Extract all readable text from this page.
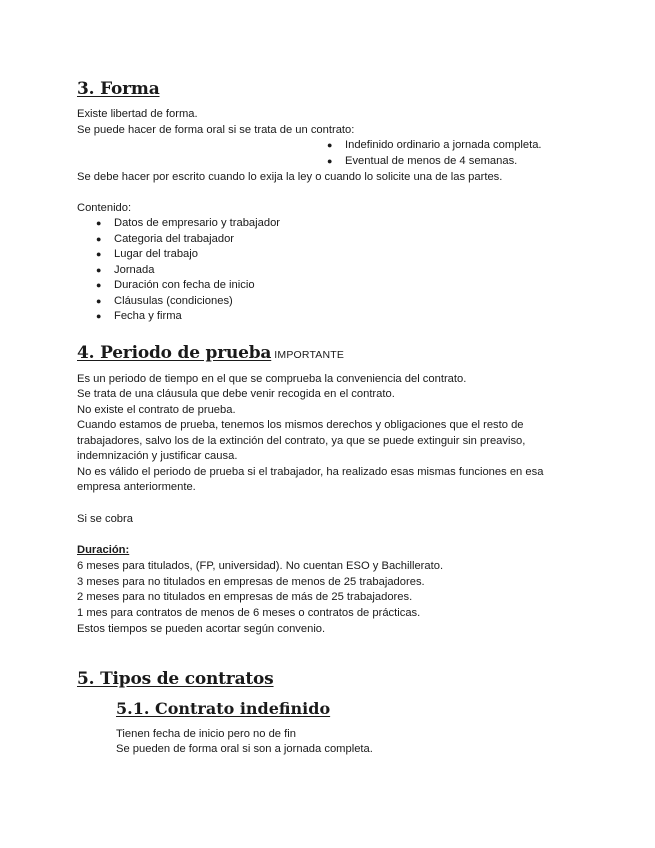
3. Forma
Existe libertad de forma.
Se puede hacer de forma oral si se trata de un contrato:
● Indefinido ordinario a jornada completa.
● Eventual de menos de 4 semanas.
Se debe hacer por escrito cuando lo exija la ley o cuando lo solicite una de las partes.
Contenido:
● Datos de empresario y trabajador
● Categoria del trabajador
● Lugar del trabajo
● Jornada
● Duración con fecha de inicio
● Cláusulas (condiciones)
● Fecha y firma
4. Periodo de prueba IMPORTANTE
Es un periodo de tiempo en el que se comprueba la conveniencia del contrato.
Se trata de una cláusula que debe venir recogida en el contrato.
No existe el contrato de prueba.
Cuando estamos de prueba, tenemos los mismos derechos y obligaciones que el resto de
trabajadores, salvo los de la extinción del contrato, ya que se puede extinguir sin preaviso,
indemnización y justificar causa.
No es válido el periodo de prueba si el trabajador, ha realizado esas mismas funciones en esa
empresa anteriormente.
Si se cobra
Duración:
6 meses para titulados, (FP, universidad). No cuentan ESO y Bachillerato.
3 meses para no titulados en empresas de menos de 25 trabajadores.
2 meses para no titulados en empresas de más de 25 trabajadores.
1 mes para contratos de menos de 6 meses o contratos de prácticas.
Estos tiempos se pueden acortar según convenio.
5. Tipos de contratos
5.1. Contrato indefinido
Tienen fecha de inicio pero no de fin
Se pueden de forma oral si son a jornada completa.
